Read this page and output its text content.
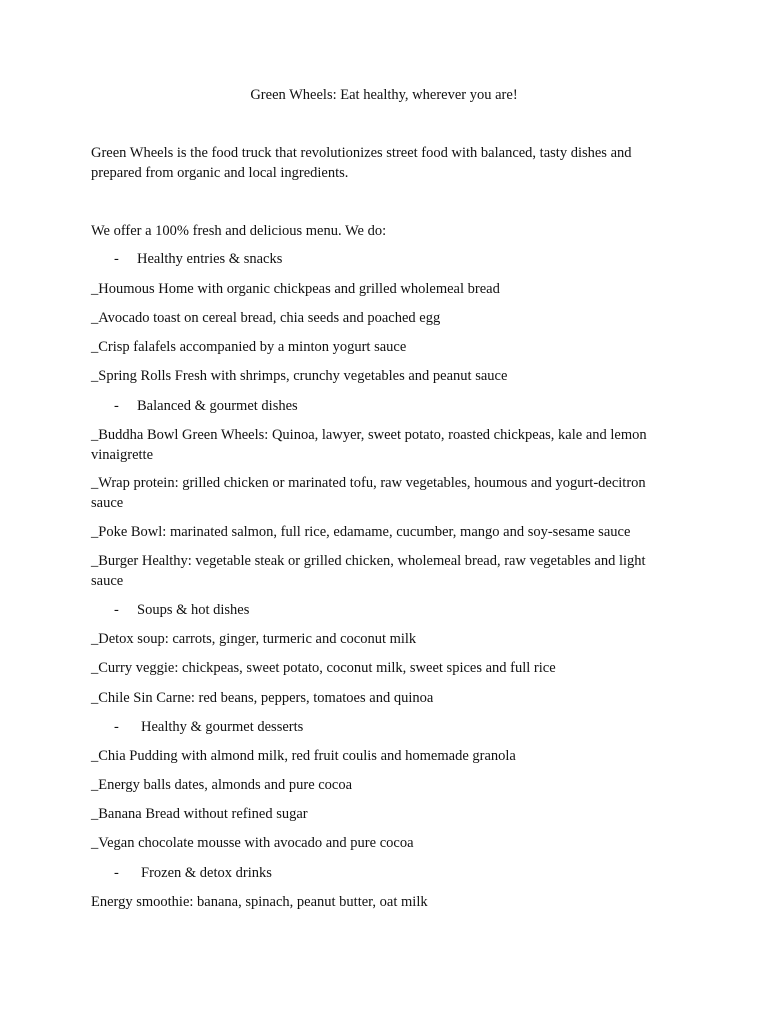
Green Wheels: Eat healthy, wherever you are!

Green Wheels is the food truck that revolutionizes street food with balanced, tasty dishes and prepared from organic and local ingredients.

We offer a 100% fresh and delicious menu. We do:

- Healthy entries & snacks

_Houmous Home with organic chickpeas and grilled wholemeal bread

_Avocado toast on cereal bread, chia seeds and poached egg

_Crisp falafels accompanied by a minton yogurt sauce

_Spring Rolls Fresh with shrimps, crunchy vegetables and peanut sauce

- Balanced & gourmet dishes

_Buddha Bowl Green Wheels: Quinoa, lawyer, sweet potato, roasted chickpeas, kale and lemon vinaigrette

_Wrap protein: grilled chicken or marinated tofu, raw vegetables, houmous and yogurt-decitron sauce

_Poke Bowl: marinated salmon, full rice, edamame, cucumber, mango and soy-sesame sauce

_Burger Healthy: vegetable steak or grilled chicken, wholemeal bread, raw vegetables and light sauce

- Soups & hot dishes

_Detox soup: carrots, ginger, turmeric and coconut milk

_Curry veggie: chickpeas, sweet potato, coconut milk, sweet spices and full rice

_Chile Sin Carne: red beans, peppers, tomatoes and quinoa

- Healthy & gourmet desserts

_Chia Pudding with almond milk, red fruit coulis and homemade granola

_Energy balls dates, almonds and pure cocoa

_Banana Bread without refined sugar

_Vegan chocolate mousse with avocado and pure cocoa

- Frozen & detox drinks

Energy smoothie: banana, spinach, peanut butter, oat milk
